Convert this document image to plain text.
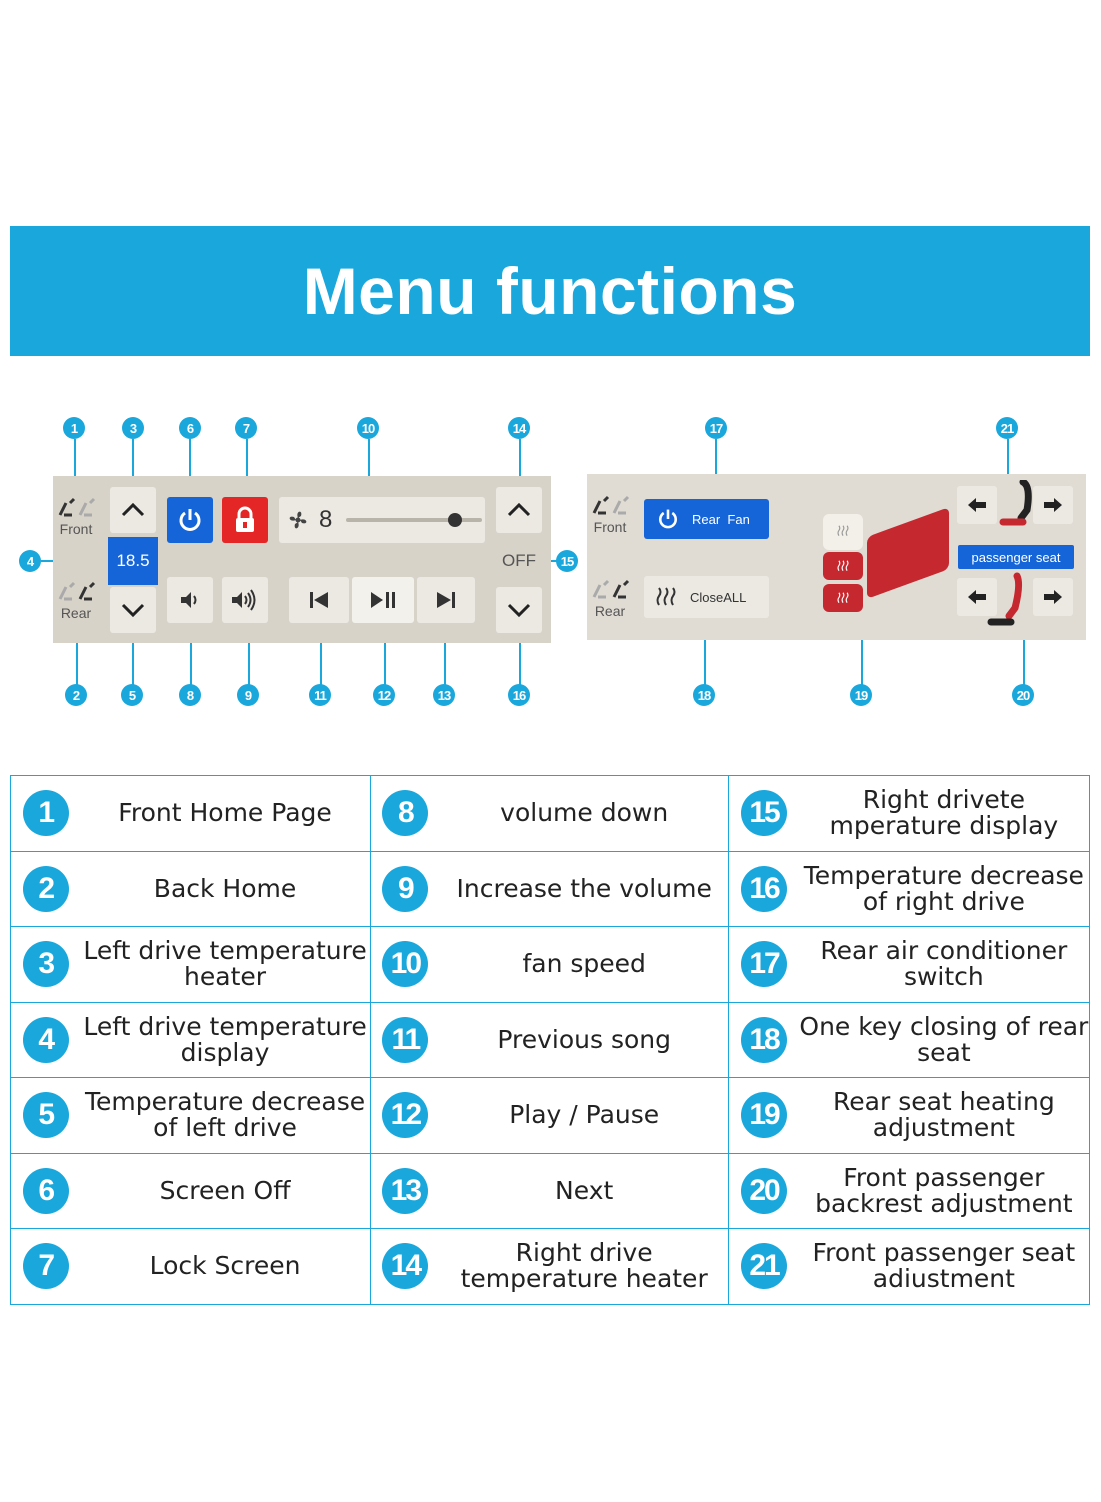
Menu functions
Front
Rear
18.5
8
OFF
Front
Rear
Rear  Fan
CloseALL
passenger seat
1	3	6	7	10	14	17	21
4	15
2	5	8	9	11	12	13	16	18	19	20
1	Front Home Page	8	volume down	15	Right drivete mperature display
2	Back Home	9	Increase the volume	16	Temperature decrease of right drive
3	Left drive temperature heater	10	fan speed	17	Rear air conditioner switch
4	Left drive temperature display	11	Previous song	18	One key closing of rear seat
5	Temperature decrease of left drive	12	Play / Pause	19	Rear seat heating adjustment
6	Screen Off	13	Next	20	Front passenger backrest adjustment
7	Lock Screen	14	Right drive temperature heater	21	Front passenger seat adiustment
